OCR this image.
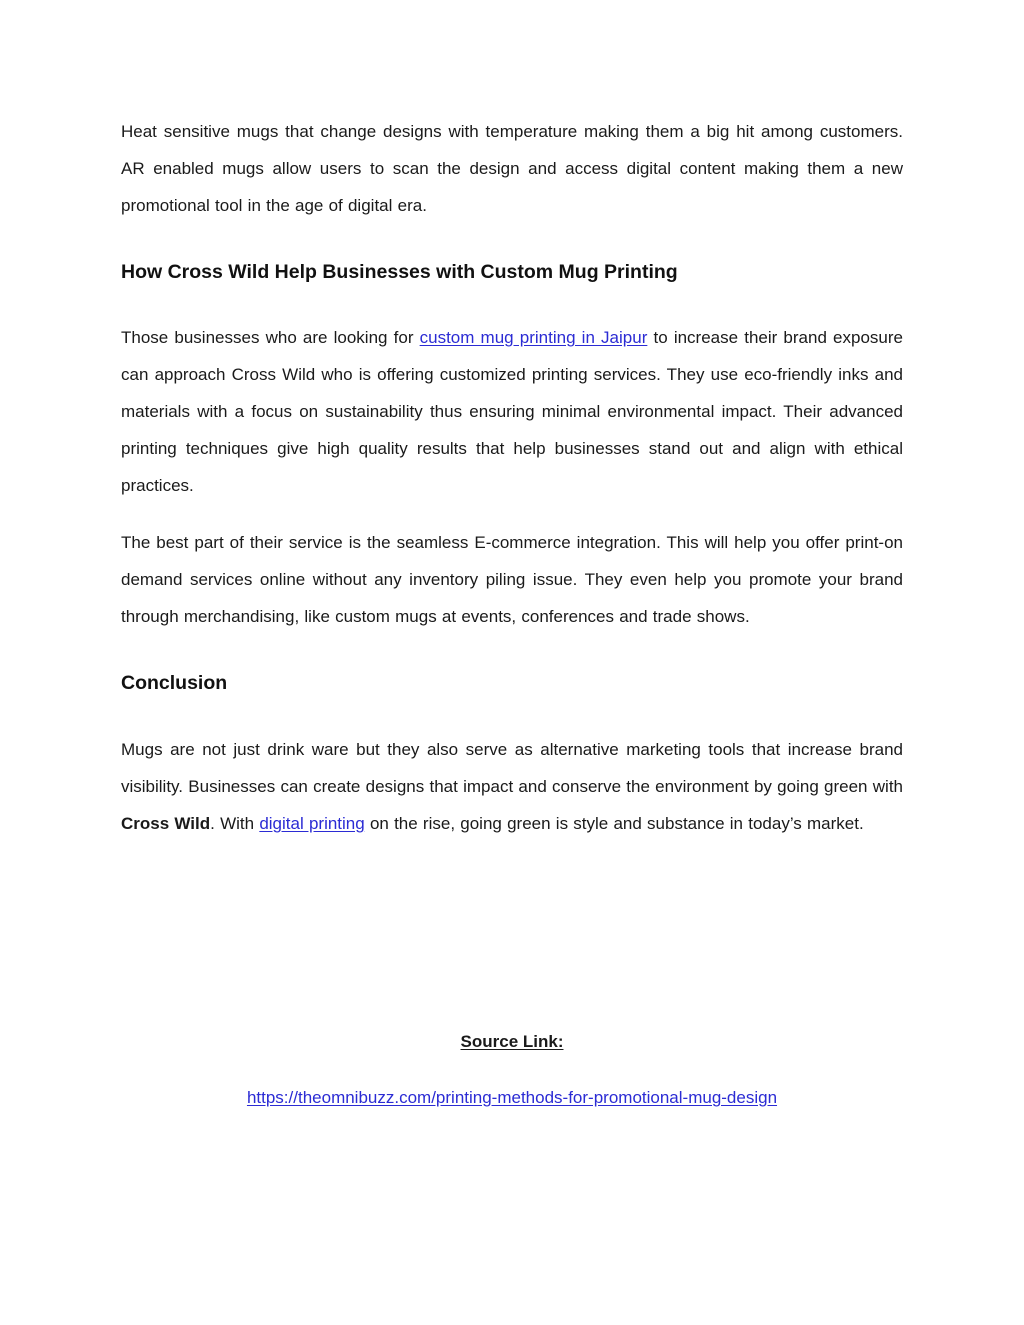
Heat sensitive mugs that change designs with temperature making them a big hit among customers. AR enabled mugs allow users to scan the design and access digital content making them a new promotional tool in the age of digital era.

How Cross Wild Help Businesses with Custom Mug Printing

Those businesses who are looking for custom mug printing in Jaipur to increase their brand exposure can approach Cross Wild who is offering customized printing services. They use eco-friendly inks and materials with a focus on sustainability thus ensuring minimal environmental impact. Their advanced printing techniques give high quality results that help businesses stand out and align with ethical practices.

The best part of their service is the seamless E-commerce integration. This will help you offer print-on demand services online without any inventory piling issue. They even help you promote your brand through merchandising, like custom mugs at events, conferences and trade shows.

Conclusion

Mugs are not just drink ware but they also serve as alternative marketing tools that increase brand visibility. Businesses can create designs that impact and conserve the environment by going green with Cross Wild. With digital printing on the rise, going green is style and substance in today’s market.

Source Link:

https://theomnibuzz.com/printing-methods-for-promotional-mug-design
